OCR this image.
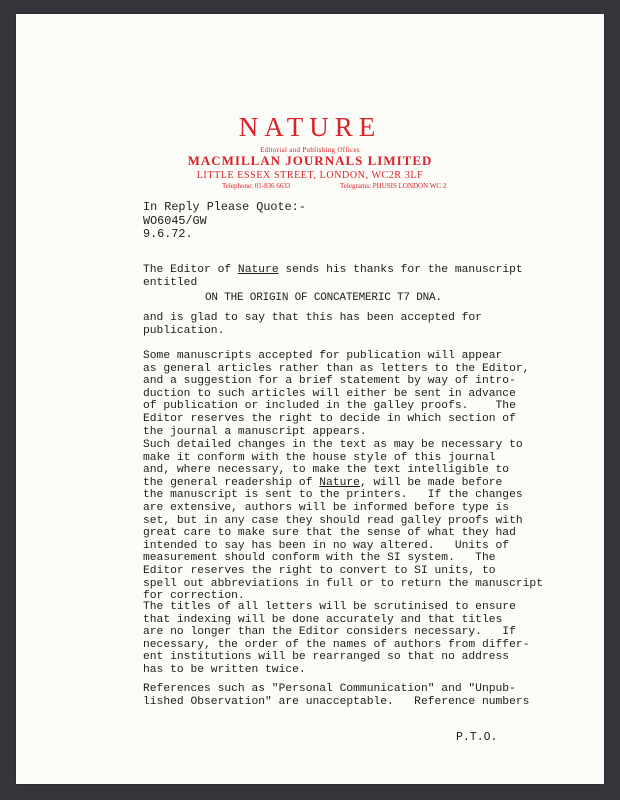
NATURE
Editorial and Publishing Offices
MACMILLAN JOURNALS LIMITED
LITTLE ESSEX STREET, LONDON, WC2R 3LF
Telephone: 01-836 6633	Telegrams: PHUSIS LONDON WC 2
In Reply Please Quote:-
WO6045/GW
9.6.72.
The Editor of Nature sends his thanks for the manuscript
entitled
ON THE ORIGIN OF CONCATEMERIC T7 DNA.
and is glad to say that this has been accepted for
publication.
Some manuscripts accepted for publication will appear
as general articles rather than as letters to the Editor,
and a suggestion for a brief statement by way of intro-
duction to such articles will either be sent in advance
of publication or included in the galley proofs.    The
Editor reserves the right to decide in which section of
the journal a manuscript appears.
Such detailed changes in the text as may be necessary to
make it conform with the house style of this journal
and, where necessary, to make the text intelligible to
the general readership of Nature, will be made before
the manuscript is sent to the printers.   If the changes
are extensive, authors will be informed before type is
set, but in any case they should read galley proofs with
great care to make sure that the sense of what they had
intended to say has been in no way altered.   Units of
measurement should conform with the SI system.   The
Editor reserves the right to convert to SI units, to
spell out abbreviations in full or to return the manuscript
for correction.
The titles of all letters will be scrutinised to ensure
that indexing will be done accurately and that titles
are no longer than the Editor considers necessary.   If
necessary, the order of the names of authors from differ-
ent institutions will be rearranged so that no address
has to be written twice.
References such as "Personal Communication" and "Unpub-
lished Observation" are unacceptable.   Reference numbers
P.T.O.
